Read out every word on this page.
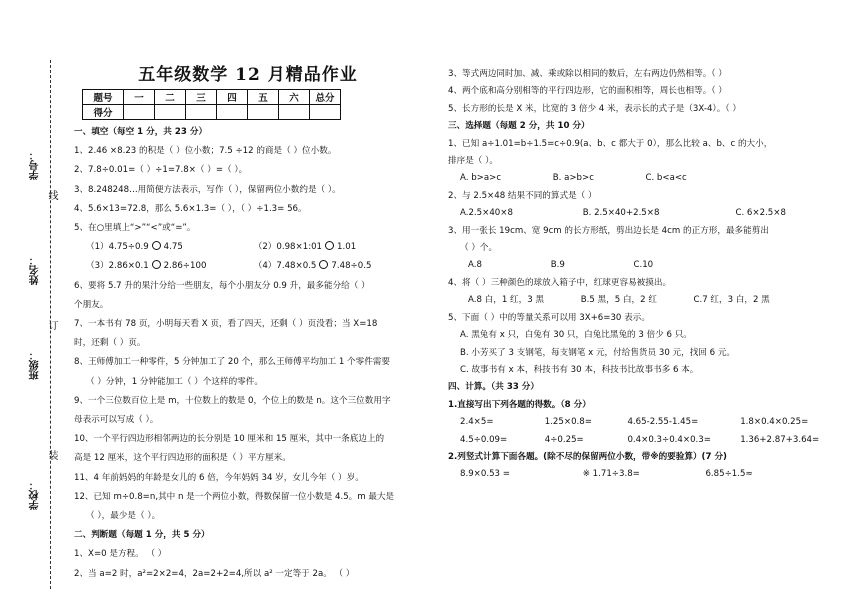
学校：
班级：
姓名：
学号：
装
订
线
五年级数学 12 月精品作业
题号	一	二	三	四	五	六	总分
得分							
一、填空（每空 1 分，共 23 分）
1、2.46 ×8.23 的积是（ ）位小数；7.5 ÷12 的商是（ ）位小数。
2、7.8÷0.01=（ ）÷1=7.8×（ ）=（ ）。
3、8.248248…用简便方法表示，写作（ ），保留两位小数约是（ ）。
4、5.6×13=72.8，那么 5.6×1.3=（ ），（ ）÷1.3= 56。
5、在○里填上“>”“<”或“=”。
（1）4.75÷0.9 4.75	（2）0.98×1:01 1.01
（3）2.86×0.1 2.86÷100	（4）7.48×0.5 7.48÷0.5
6、要将 5.7 升的果汁分给一些朋友，每个小朋友分 0.9 升，最多能分给（ ）
个朋友。
7、一本书有 78 页，小明每天看 X 页，看了四天，还剩（ ）页没看；当 X=18
时，还剩（ ）页。
8、王师傅加工一种零件，5 分钟加工了 20 个，那么王师傅平均加工 1 个零件需要
（ ）分钟，1 分钟能加工（ ）个这样的零件。
9、一个三位数百位上是 m，十位数上的数是 0，个位上的数是 n。这个三位数用字
母表示可以写成（ ）。
10、一个平行四边形相邻两边的长分别是 10 厘米和 15 厘米，其中一条底边上的
高是 12 厘米，这个平行四边形的面积是（ ）平方厘米。
11、4 年前妈妈的年龄是女儿的 6 倍，今年妈妈 34 岁，女儿今年（ ）岁。
12、已知 m÷0.8=n,其中 n 是一个两位小数，得数保留一位小数是 4.5。m 最大是
（ ），最少是（ ）。
二、判断题（每题 1 分，共 5 分）
1、X=0 是方程。 （ ）
2、当 a=2 时，a²=2×2=4，2a=2+2=4,所以 a² 一定等于 2a。 （ ）
3、等式两边同时加、减、乘或除以相同的数后，左右两边仍然相等。（ ）
4、两个底和高分别相等的平行四边形，它的面积相等，周长也相等。（ ）
5、长方形的长是 X 米，比宽的 3 倍少 4 米，表示长的式子是（3X-4）。（ ）
三、选择题（每题 2 分，共 10 分）
1、已知 a÷1.01=b÷1.5=c÷0.9(a、b、c 都大于 0），那么比较 a、b、c 的大小，
排序是（ ）。
A. b>a>c	B. a>b>c	C. b<a<c
2、与 2.5×48 结果不同的算式是（ ）
A.2.5×40×8	B. 2.5×40+2.5×8	C. 6×2.5×8
3、用一张长 19cm、宽 9cm 的长方形纸，剪出边长是 4cm 的正方形，最多能剪出
（ ）个。
A.8	B.9	C.10
4、将（ ）三种颜色的球放入箱子中，红球更容易被摸出。
A.8 白，1 红，3 黑	B.5 黑，5 白，2 红	C.7 红，3 白，2 黑
5、下面（ ）中的等量关系可以用 3X+6=30 表示。
A. 黑兔有 x 只，白兔有 30 只，白兔比黑兔的 3 倍少 6 只。
B. 小芳买了 3 支钢笔，每支钢笔 x 元，付给售货员 30 元，找回 6 元。
C. 故事书有 x 本，科技书有 30 本，科技书比故事书多 6 本。
四、计算。（共 33 分）
1.直接写出下列各题的得数。（8 分）
2.4×5=	1.25×0.8=	4.65-2.55-1.45=	1.8×0.4×0.25=
4.5÷0.09=	4÷0.25=	0.4×0.3÷0.4×0.3=	1.36+2.87+3.64=
2.列竖式计算下面各题。(除不尽的保留两位小数，带※的要验算）(7 分)
8.9×0.53 =	※ 1.71÷3.8=	6.85÷1.5≈
